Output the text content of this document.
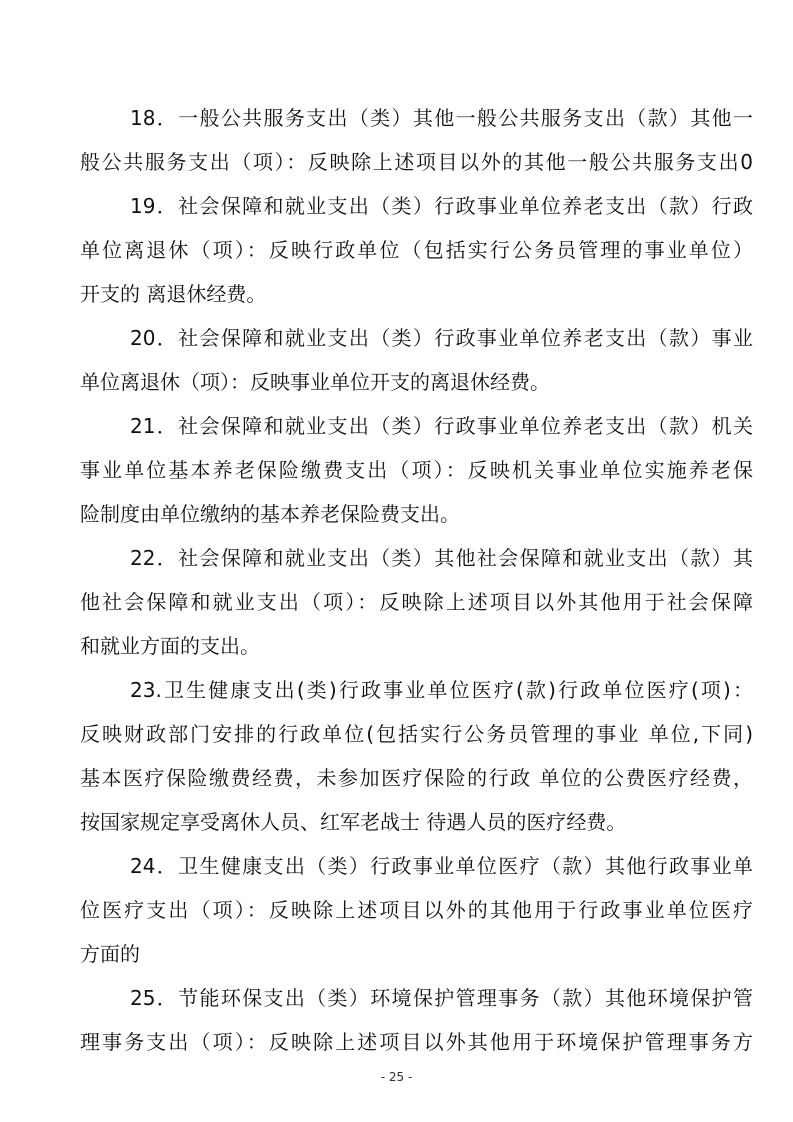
18．一般公共服务支出（类）其他一般公共服务支出（款）其他一

般公共服务支出（项）：反映除上述项目以外的其他一般公共服务支出0

19．社会保障和就业支出（类）行政事业单位养老支出（款）行政

单位离退休（项）：反映行政单位（包括实行公务员管理的事业单位）

开支的 离退休经费。

20．社会保障和就业支出（类）行政事业单位养老支出（款）事业

单位离退休（项）：反映事业单位开支的离退休经费。

21．社会保障和就业支出（类）行政事业单位养老支出（款）机关

事业单位基本养老保险缴费支出（项）：反映机关事业单位实施养老保

险制度由单位缴纳的基本养老保险费支出。

22．社会保障和就业支出（类）其他社会保障和就业支出（款）其

他社会保障和就业支出（项）：反映除上述项目以外其他用于社会保障

和就业方面的支出。

23.卫生健康支出(类)行政事业单位医疗(款)行政单位医疗(项)：

反映财政部门安排的行政单位(包括实行公务员管理的事业 单位,下同)

基本医疗保险缴费经费，未参加医疗保险的行政 单位的公费医疗经费，

按国家规定享受离休人员、红军老战士 待遇人员的医疗经费。

24．卫生健康支出（类）行政事业单位医疗（款）其他行政事业单

位医疗支出（项）：反映除上述项目以外的其他用于行政事业单位医疗

方面的

25．节能环保支出（类）环境保护管理事务（款）其他环境保护管

理事务支出（项）：反映除上述项目以外其他用于环境保护管理事务方

- 25 -
